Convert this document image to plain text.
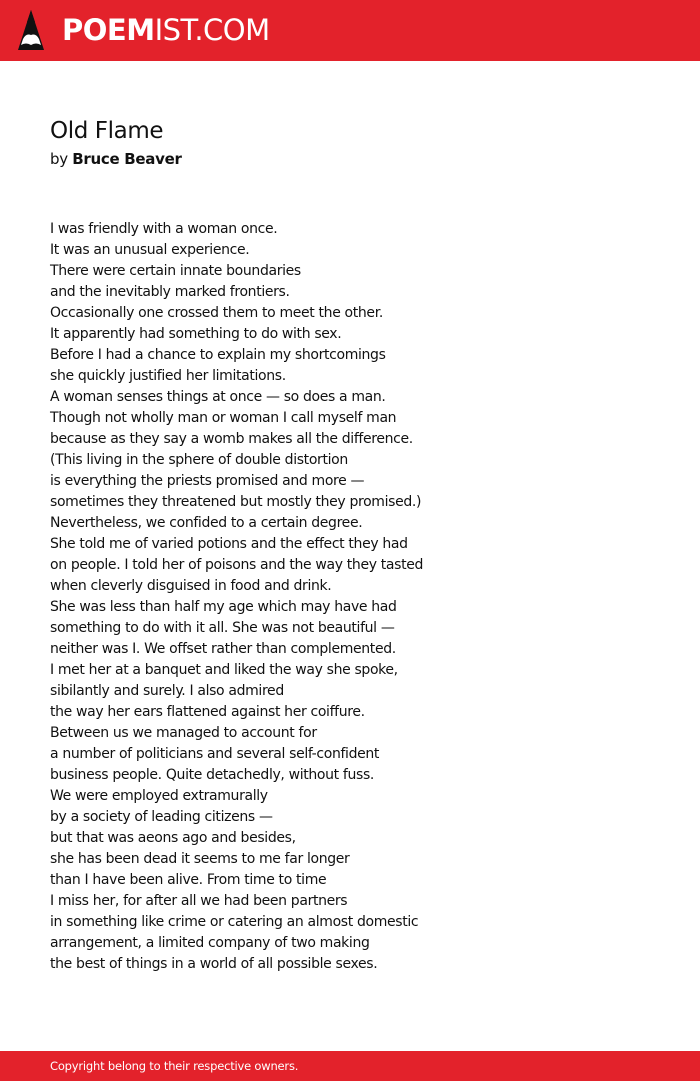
POEMIST.COM
Old Flame
by Bruce Beaver
I was friendly with a woman once.
It was an unusual experience.
There were certain innate boundaries
and the inevitably marked frontiers.
Occasionally one crossed them to meet the other.
It apparently had something to do with sex.
Before I had a chance to explain my shortcomings
she quickly justified her limitations.
A woman senses things at once — so does a man.
Though not wholly man or woman I call myself man
because as they say a womb makes all the difference.
(This living in the sphere of double distortion
is everything the priests promised and more —
sometimes they threatened but mostly they promised.)
Nevertheless, we confided to a certain degree.
She told me of varied potions and the effect they had
on people. I told her of poisons and the way they tasted
when cleverly disguised in food and drink.
She was less than half my age which may have had
something to do with it all. She was not beautiful —
neither was I. We offset rather than complemented.
I met her at a banquet and liked the way she spoke,
sibilantly and surely. I also admired
the way her ears flattened against her coiffure.
Between us we managed to account for
a number of politicians and several self-confident
business people. Quite detachedly, without fuss.
We were employed extramurally
by a society of leading citizens —
but that was aeons ago and besides,
she has been dead it seems to me far longer
than I have been alive. From time to time
I miss her, for after all we had been partners
in something like crime or catering an almost domestic
arrangement, a limited company of two making
the best of things in a world of all possible sexes.
Copyright belong to their respective owners.
